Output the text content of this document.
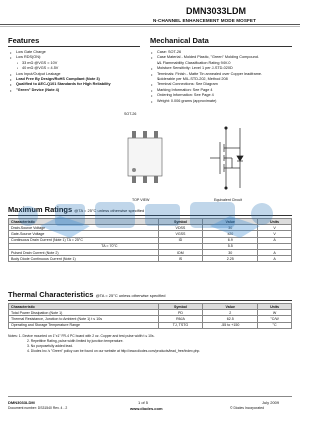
DMN3033LDM
N-CHANNEL ENHANCEMENT MODE MOSFET
Features
• Low Gate Charge
• Low RDS(ON):
▪ 33 mΩ @VGS = 10V
▪ 40 mΩ @VGS = 4.5V
• Low Input/Output Leakage
• Lead Free By Design/RoHS Compliant (Note 3)
• Qualified to AEC-Q101 Standards for High Reliability
• "Green" Device (Note 4)
Mechanical Data
• Case: SOT-26
• Case Material - Molded Plastic, "Green" Molding Compound.
▪ UL Flammability Classification Rating 94V-0
• Moisture Sensitivity: Level 1 per J-STD-020D
• Terminals: Finish - Matte Tin annealed over Copper leadframe.
▪ Solderable per MIL-STD-202, Method 208
• Terminal Connections: See Diagram
• Marking Information: See Page 4
• Ordering Information: See Page 4
• Weight: 0.006 grams (approximate)
SOT-26
TOP VIEW	Equivalent Circuit
Maximum Ratings @TA = 25°C unless otherwise specified
Characteristic	Symbol	Value	Units
Drain-Source Voltage	VDSS	30	V
Gate-Source Voltage	VGSS	±20	V
Continuous Drain Current (Note 1) TA = 25°C	ID	6.9	A
TA = 70°C		5.5	
Pulsed Drain Current (Note 2)	IDM	30	A
Body Diode Continuous Current (Note 1)	IS	2.25	A
Thermal Characteristics @TA = 25°C unless otherwise specified
Characteristic	Symbol	Value	Units
Total Power Dissipation (Note 1)	PD	2	W
Thermal Resistance, Junction to Ambient (Note 1) t ≤ 10s	RθJA	62.5	°C/W
Operating and Storage Temperature Range	TJ, TSTG	-55 to +150	°C
Notes: 1. Device mounted on 1"x1" FR-4 PC board with 2 oz. Copper and test pulse width t ≤ 10s.
2. Repetitive Rating, pulse width limited by junction temperature.
3. No purposefully added lead.
4. Diodes Inc.'s "Green" policy can be found on our website at http://www.diodes.com/products/lead_free/index.php.
DMN3033LDM
Document number: DS31540 Rev. 4 - 2
1 of 5
www.diodes.com
July 2009
© Diodes Incorporated
